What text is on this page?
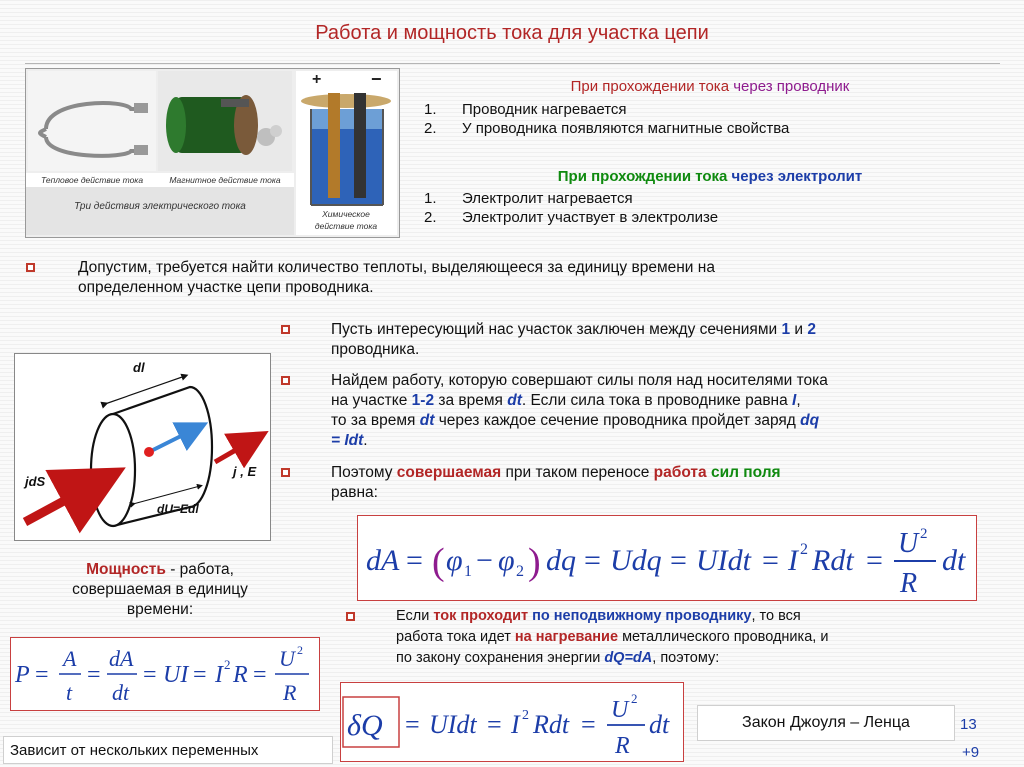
Работа и мощность тока для участка цепи
Тепловое действие тока	Магнитное действие тока
Три действия электрического тока
Химическое
действие тока
+	−	При прохождении тока через проводник
1. Проводник нагревается
2. У проводника появляются магнитные свойства
При прохождении тока через электролит
1. Электролит нагревается
2. Электролит участвует в электролизе
Допустим, требуется найти количество теплоты, выделяющееся за единицу времени на
определенном участке цепи проводника.
dl
jdS
j , E
dU=Edl
Пусть интересующий нас участок заключен между сечениями 1 и 2
проводника.
Найдем работу, которую совершают силы поля над носителями тока
на участке 1-2 за время dt. Если сила тока в проводнике равна I,
то за время dt через каждое сечение проводника пройдет заряд dq
= Idt.
Поэтому совершаемая при таком переносе работа сил поля
равна:
dA = ( φ 1 − φ 2 ) dq = Udq = UIdt = I 2 Rdt =
U 2
R
dt
Мощность - работа,
совершаемая в единицу
времени:
P =
A
t
=
dA
dt
= UI = I 2 R =
U 2
R
Если ток проходит по неподвижному проводнику, то вся
работа тока идет на нагревание металлического проводника, и
по закону сохранения энергии dQ=dA, поэтому:
δQ = UIdt = I 2 Rdt = U 2
R
dt	Закон Джоуля – Ленца	13
+9
Зависит от нескольких переменных
